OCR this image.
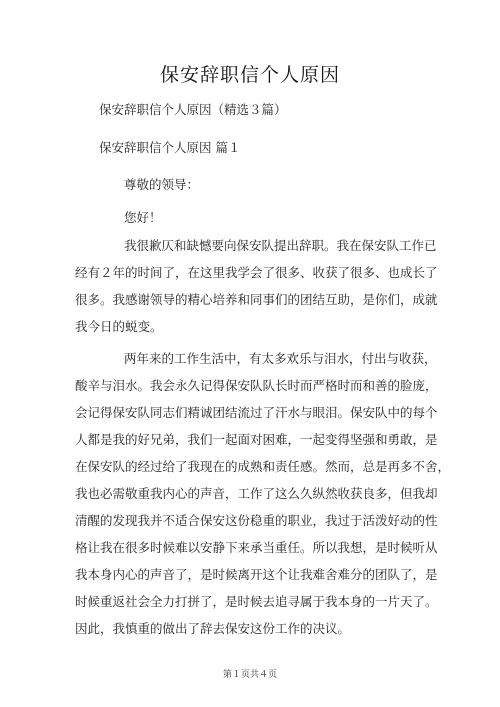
保安辞职信个人原因
保安辞职信个人原因（精选３篇）
保安辞职信个人原因 篇１
尊敬的领导：
您好！
我很歉仄和缺憾要向保安队提出辞职。我在保安队工作已
经有２年的时间了，在这里我学会了很多、收获了很多、也成长了
很多。我感谢领导的精心培养和同事们的团结互助，是你们，成就
我今日的蜕变。
两年来的工作生活中，有太多欢乐与泪水，付出与收获，
酸辛与泪水。我会永久记得保安队队长时而严格时而和善的脸庞，
会记得保安队同志们精诚团结流过了汗水与眼泪。保安队中的每个
人都是我的好兄弟，我们一起面对困难，一起变得坚强和勇敢，是
在保安队的经过给了我现在的成熟和责任感。然而，总是再多不舍，
我也必需敬重我内心的声音，工作了这么久纵然收获良多，但我却
清醒的发现我并不适合保安这份稳重的职业，我过于活泼好动的性
格让我在很多时候难以安静下来承当重任。所以我想，是时候听从
我本身内心的声音了，是时候离开这个让我难舍难分的团队了，是
时候重返社会全力打拼了，是时候去追寻属于我本身的一片天了。
因此，我慎重的做出了辞去保安这份工作的决议。
第１页共４页
